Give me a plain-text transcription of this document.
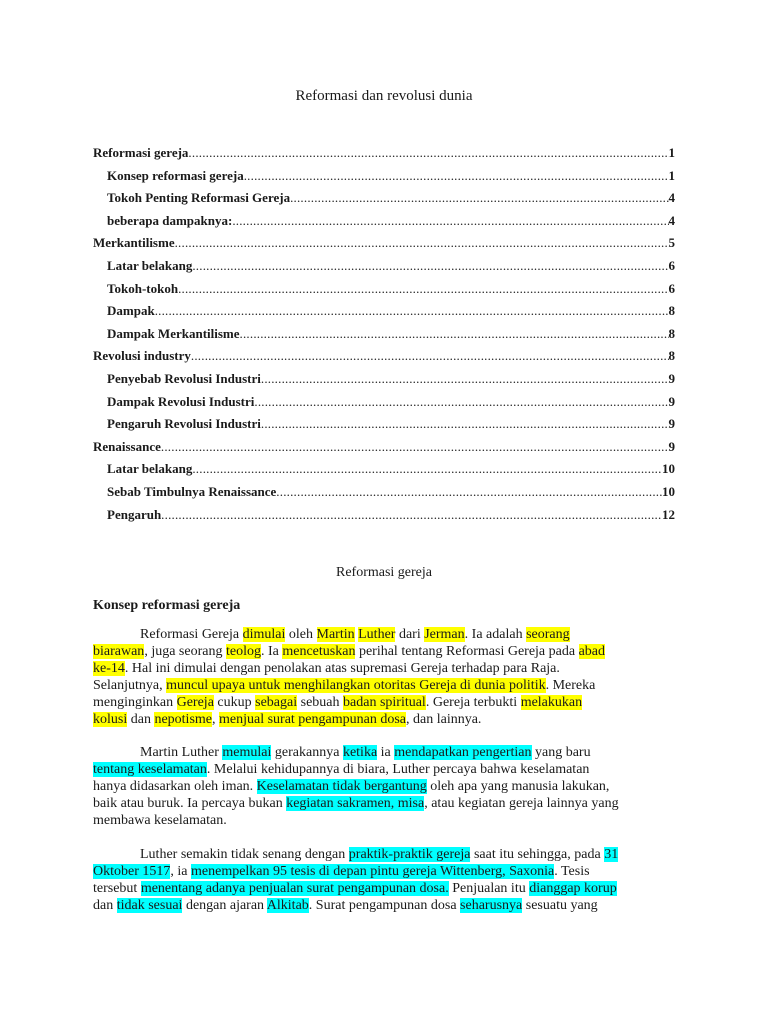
Reformasi dan revolusi dunia
Reformasi gereja .....	1
Konsep reformasi gereja .....	1
Tokoh Penting Reformasi Gereja .....	4
beberapa dampaknya: .....	4
Merkantilisme .....	5
Latar belakang .....	6
Tokoh-tokoh .....	6
Dampak .....	8
Dampak Merkantilisme .....	8
Revolusi industry .....	8
Penyebab Revolusi Industri .....	9
Dampak Revolusi Industri .....	9
Pengaruh Revolusi Industri .....	9
Renaissance .....	9
Latar belakang .....	10
Sebab Timbulnya Renaissance .....	10
Pengaruh .....	12
Reformasi gereja
Konsep reformasi gereja
Reformasi Gereja dimulai oleh Martin Luther dari Jerman. Ia adalah seorang
biarawan, juga seorang teolog. Ia mencetuskan perihal tentang Reformasi Gereja pada abad
ke-14. Hal ini dimulai dengan penolakan atas supremasi Gereja terhadap para Raja.
Selanjutnya, muncul upaya untuk menghilangkan otoritas Gereja di dunia politik. Mereka
menginginkan Gereja cukup sebagai sebuah badan spiritual. Gereja terbukti melakukan
kolusi dan nepotisme, menjual surat pengampunan dosa, dan lainnya.
Martin Luther memulai gerakannya ketika ia mendapatkan pengertian yang baru
tentang keselamatan. Melalui kehidupannya di biara, Luther percaya bahwa keselamatan
hanya didasarkan oleh iman. Keselamatan tidak bergantung oleh apa yang manusia lakukan,
baik atau buruk. Ia percaya bukan kegiatan sakramen, misa, atau kegiatan gereja lainnya yang
membawa keselamatan.
Luther semakin tidak senang dengan praktik-praktik gereja saat itu sehingga, pada 31
Oktober 1517, ia menempelkan 95 tesis di depan pintu gereja Wittenberg, Saxonia. Tesis
tersebut menentang adanya penjualan surat pengampunan dosa. Penjualan itu dianggap korup
dan tidak sesuai dengan ajaran Alkitab. Surat pengampunan dosa seharusnya sesuatu yang
